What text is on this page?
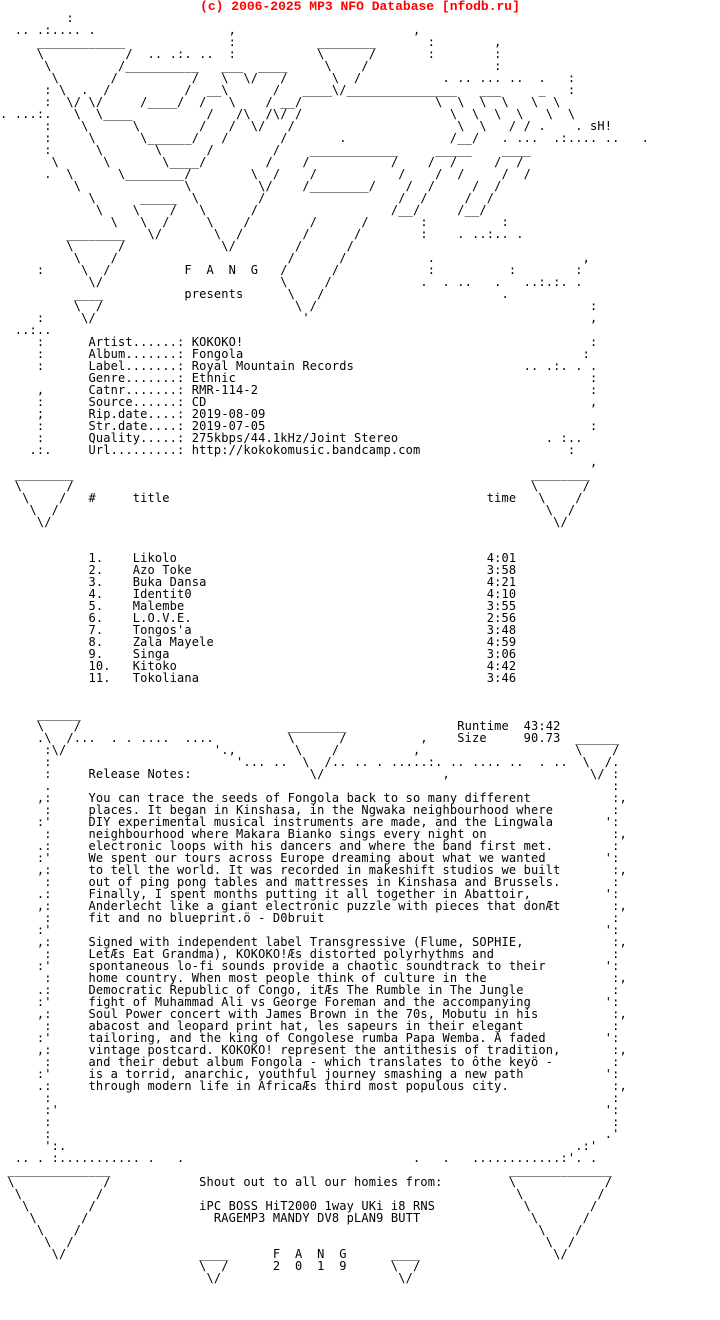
(c) 2006-2025 MP3 NFO Database [nfodb.ru]
:
.. .:.... .                  ,                        ,
____________              :           ________       :        ,
\           /  .. .:. ..  :           \      /       :        :
\         /__________   ___  ____     \    /                 :
\       /          /   \  \/   /      \  /           . .. ... ..  .   :
: \  .  /          /  __\      /   ____\/_______________   ___     _   :
:  \/ \/     /____/  /   \    / __/                  \  \  \  \   \  \
. ...:.   \  \____          /   /\  /\/ /                    \  \  \  \   \  \
:    \      \        /   /  \/   /                      \  \   / / .    . sH!
:     \      \______/   /       /       .              /__/   . ...  .:.... ..   .
:      \       \      /        /    ____________     _____    ____
\      \       \____/        /    /           /    /  /     /  /
.  \      \________/        \  /    /           /    /  /     /  /
\              \         \/    /________/    /  /     /  /
\      _____  \        /                  /  /     /  /
\    \    /   \      /                  /__/     /__/
\   \  /     \    /        /      /       :          :
________   \/       \  /        /      /        :    . ..:.. .
\      /             \/        /      /
\    /                       /      /           .                    ,
:     \  /          F  A  N  G   /      /            :          :        :
\/                        \     /            .  . ..   .   ..:.:. .
____           presents      \   /                        .
\  /                          \ /                                     :
:     \/                            '                                      ,
..:..
:      Artist......: KOKOKO!                                               :
:      Album.......: Fongola                                              :
:      Label.......: Royal Mountain Records                       .. .:. . .
Genre.......: Ethnic                                                :
,      Catnr.......: RMR-114-2                                             :
:      Source......: CD                                                    ,
;      Rip.date....: 2019-08-09
:      Str.date....: 2019-07-05                                            :
:      Quality.....: 275kbps/44.1kHz/Joint Stereo                    . :..
.:.     Url.........: http://kokokomusic.bandcamp.com                    :
,
________                                                              ________
\      /                                                              \      /
\    /   #     title                                           time   \    /
\  /                                                                  \  /
\/                                                                    \/

1.    Likolo                                          4:01
2.    Azo Toke                                        3:58
3.    Buka Dansa                                      4:21
4.    Identit0                                        4:10
5.    Malembe                                         3:55
6.    L.O.V.E.                                        2:56
7.    Tongos'a                                        3:48
8.    Zala Mayele                                     4:59
9.    Singa                                           3:06
10.   Kitoko                                          4:42
11.   Tokoliana                                       3:46

______
\    /                            ________               Runtime  43:42
.\  /...  . . ....  ....          \      /          ,    Size     90.73  ______
:\/                    '.,        \    /          ,                     \    /
:                         '... ..  \  /.. .. . .....:. .. .... ..  . ..  \  /.
:     Release Notes:                \/                ,                   \/ :
.                                                                            :
,:     You can trace the seeds of Fongola back to so many different           :,
:     places. It began in Kinshasa, in the Ngwaka neighbourhood where        :
:'     DIY experimental musical instruments are made, and the Lingwala       ':
:     neighbourhood where Makara Bianko sings every night on                 :,
.:     electronic loops with his dancers and where the band first met.        :
:'     We spent our tours across Europe dreaming about what we wanted        ':
,:     to tell the world. It was recorded in makeshift studios we built       :,
:     out of ping pong tables and mattresses in Kinshasa and Brussels.       :
.:     Finally, I spent months putting it all together in Abattoir,          ':
,:     Anderlecht like a giant electronic puzzle with pieces that donÆt       :,
:     fit and no blueprint.ö - D0bruit                                       :
:'                                                                           ':
,:     Signed with independent label Transgressive (Flume, SOPHIE,            :,
:     LetÆs Eat Grandma), KOKOKO!Æs distorted polyrhythms and                :
:'     spontaneous lo-fi sounds provide a chaotic soundtrack to their        ':
:     home country. When most people think of culture in the                 :,
.:     Democratic Republic of Congo, itÆs The Rumble in The Jungle            :
:'     fight of Muhammad Ali vs George Foreman and the accompanying          ':
,:     Soul Power concert with James Brown in the 70s, Mobutu in his          :,
:     abacost and leopard print hat, les sapeurs in their elegant            :
:'     tailoring, and the king of Congolese rumba Papa Wemba. A faded        ':
,:     vintage postcard. KOKOKO! represent the antithesis of tradition,       :,
:     and their debut album Fongola - which translates to ôthe keyö -        :
:'     is a torrid, anarchic, youthful journey smashing a new path           ':
.:     through modern life in AfricaÆs third most populous city.              :,
:                                                                            :
:'                                                                          ':
:                                                                            :
:                                                                           .'
':.                                                                     .:'
.. . :........... .   .                               .   .   ............:'. .
______________                                                      ______________
\            /            Shout out to all our homies from:         \            /
\          /                                                        \          /
\        /              iPC BOSS HiT2000 1way UKi i8 RNS            \        /
\      /                 RAGEMP3 MANDY DV8 pLAN9 BUTT               \      /
\    /                                                              \    /
\  /                                                                \  /
\/                  ____      F  A  N  G      ____                  \/
\  /      2  0  1  9      \  /
\/                        \/
